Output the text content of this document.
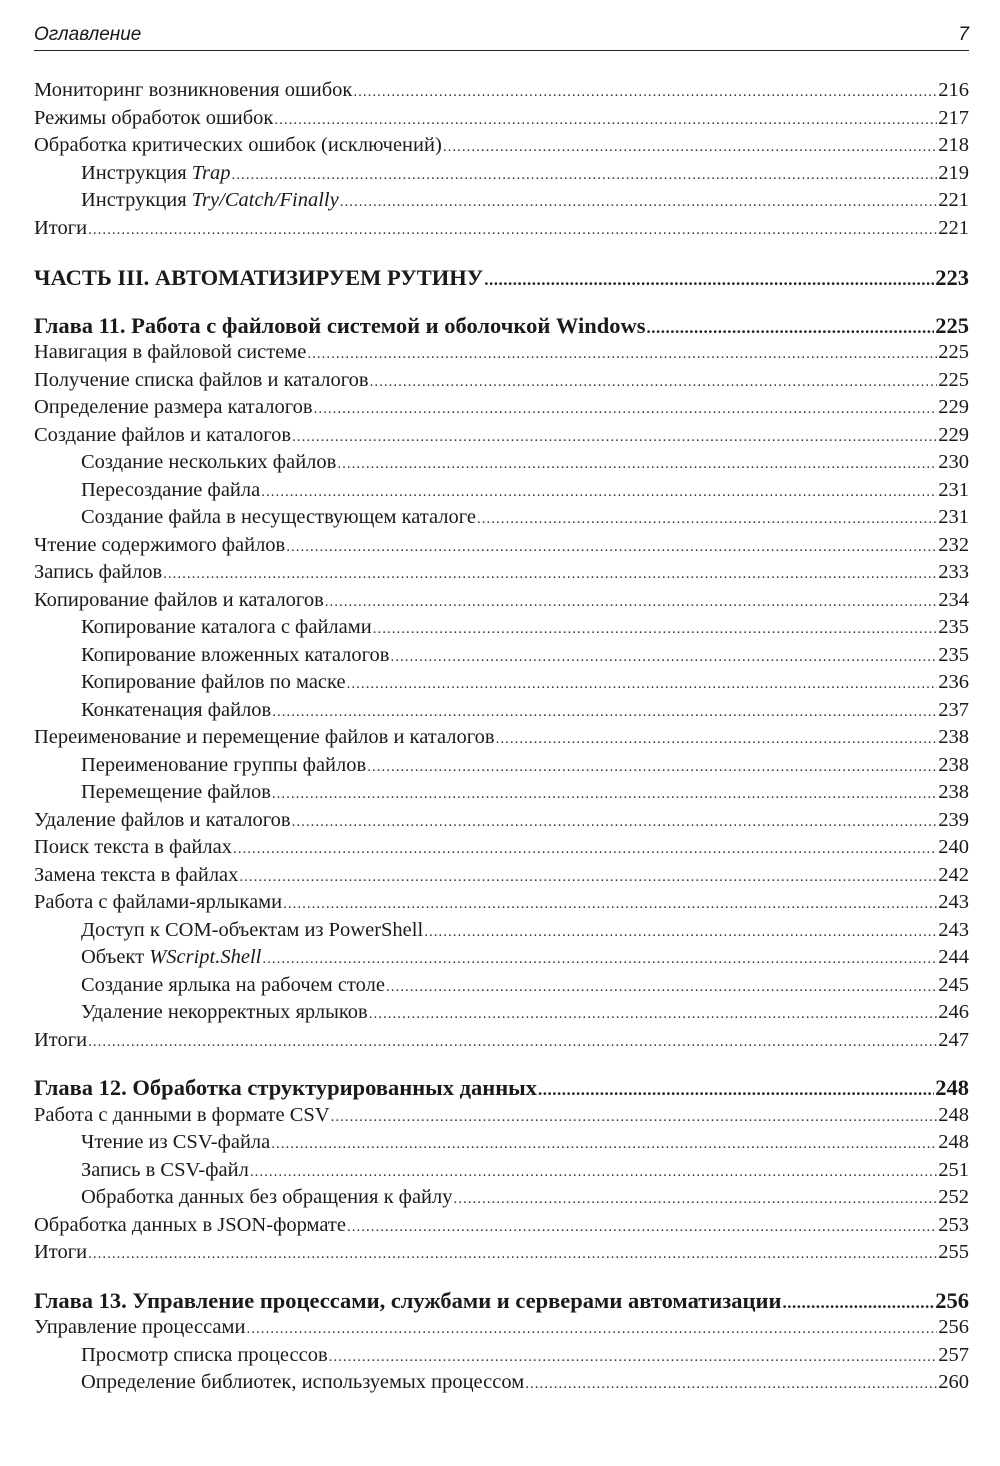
Оглавление	7
Мониторинг возникновения ошибок .....	216
Режимы обработок ошибок .....	217
Обработка критических ошибок (исключений) .....	218
Инструкция Trap .....	219
Инструкция Try/Catch/Finally .....	221
Итоги .....	221
ЧАСТЬ III. АВТОМАТИЗИРУЕМ РУТИНУ .....	223
Глава 11. Работа с файловой системой и оболочкой Windows .....	225
Навигация в файловой системе .....	225
Получение списка файлов и каталогов .....	225
Определение размера каталогов .....	229
Создание файлов и каталогов .....	229
Создание нескольких файлов .....	230
Пересоздание файла .....	231
Создание файла в несуществующем каталоге .....	231
Чтение содержимого файлов .....	232
Запись файлов .....	233
Копирование файлов и каталогов .....	234
Копирование каталога с файлами .....	235
Копирование вложенных каталогов .....	235
Копирование файлов по маске .....	236
Конкатенация файлов .....	237
Переименование и перемещение файлов и каталогов .....	238
Переименование группы файлов .....	238
Перемещение файлов .....	238
Удаление файлов и каталогов .....	239
Поиск текста в файлах .....	240
Замена текста в файлах .....	242
Работа с файлами-ярлыками .....	243
Доступ к COM-объектам из PowerShell .....	243
Объект WScript.Shell .....	244
Создание ярлыка на рабочем столе .....	245
Удаление некорректных ярлыков .....	246
Итоги .....	247
Глава 12. Обработка структурированных данных .....	248
Работа с данными в формате CSV .....	248
Чтение из CSV-файла .....	248
Запись в CSV-файл .....	251
Обработка данных без обращения к файлу .....	252
Обработка данных в JSON-формате .....	253
Итоги .....	255
Глава 13. Управление процессами, службами и серверами автоматизации .....	256
Управление процессами .....	256
Просмотр списка процессов .....	257
Определение библиотек, используемых процессом .....	260
